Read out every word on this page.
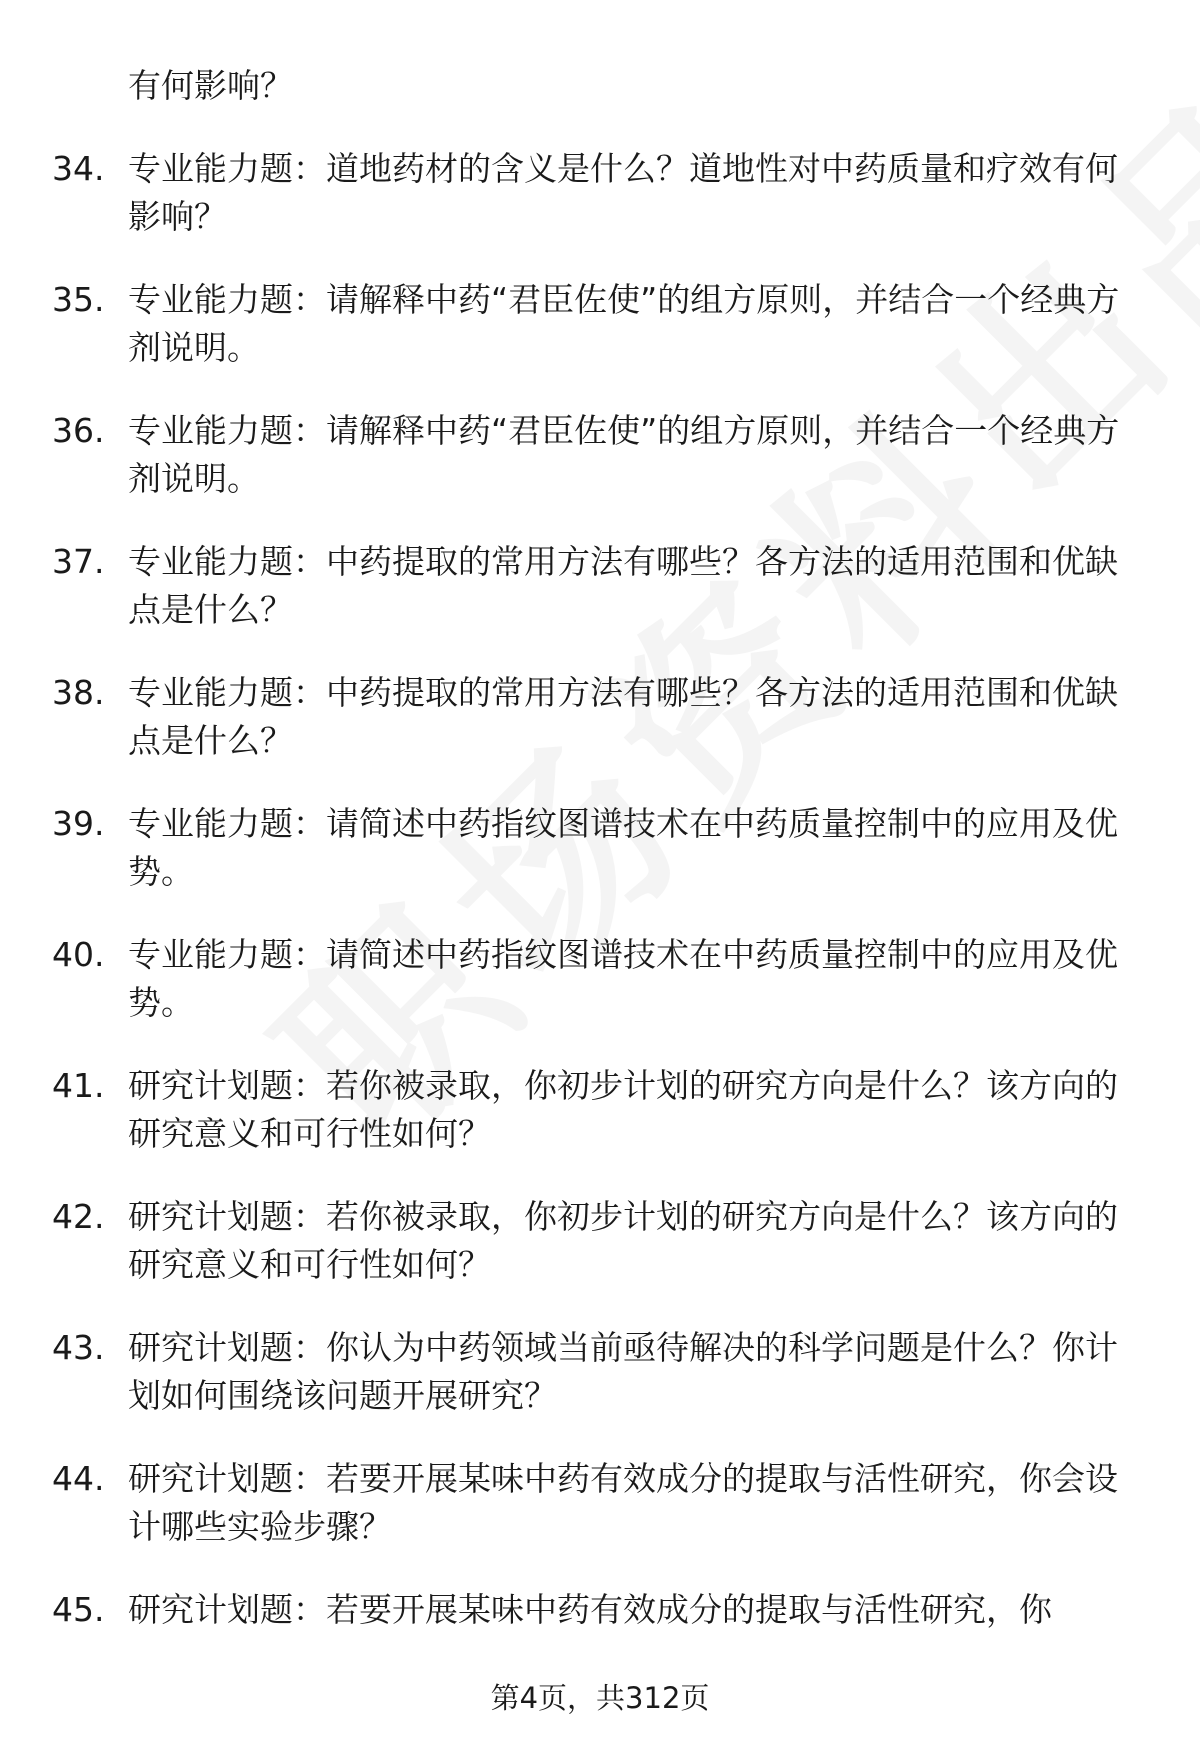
有何影响？
34. 专业能力题：道地药材的含义是什么？道地性对中药质量和疗效有何影响？
35. 专业能力题：请解释中药“君臣佐使”的组方原则，并结合一个经典方剂说明。
36. 专业能力题：请解释中药“君臣佐使”的组方原则，并结合一个经典方剂说明。
37. 专业能力题：中药提取的常用方法有哪些？各方法的适用范围和优缺点是什么？
38. 专业能力题：中药提取的常用方法有哪些？各方法的适用范围和优缺点是什么？
39. 专业能力题：请简述中药指纹图谱技术在中药质量控制中的应用及优势。
40. 专业能力题：请简述中药指纹图谱技术在中药质量控制中的应用及优势。
41. 研究计划题：若你被录取，你初步计划的研究方向是什么？该方向的研究意义和可行性如何？
42. 研究计划题：若你被录取，你初步计划的研究方向是什么？该方向的研究意义和可行性如何？
43. 研究计划题：你认为中药领域当前亟待解决的科学问题是什么？你计划如何围绕该问题开展研究？
44. 研究计划题：若要开展某味中药有效成分的提取与活性研究，你会设计哪些实验步骤？
45. 研究计划题：若要开展某味中药有效成分的提取与活性研究，你
第4页，共312页
